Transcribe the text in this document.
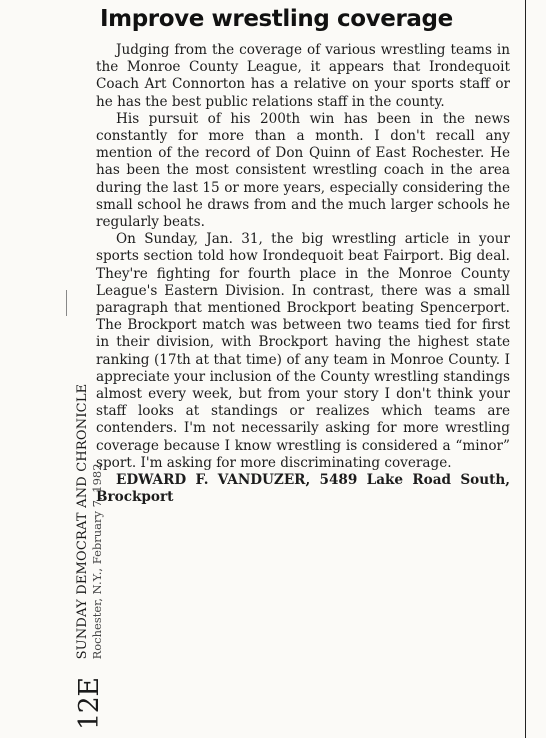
12E
SUNDAY DEMOCRAT AND CHRONICLE Rochester, N.Y., February 7, 1982
Improve wrestling coverage

Judging from the coverage of various wrestling teams in the Monroe County League, it appears that Irondequoit Coach Art Connorton has a relative on your sports staff or he has the best public relations staff in the county.

His pursuit of his 200th win has been in the news constantly for more than a month. I don't recall any mention of the record of Don Quinn of East Rochester. He has been the most consistent wrestling coach in the area during the last 15 or more years, especially considering the small school he draws from and the much larger schools he regularly beats.

On Sunday, Jan. 31, the big wrestling article in your sports section told how Irondequoit beat Fairport. Big deal. They're fighting for fourth place in the Monroe County League's Eastern Division. In contrast, there was a small paragraph that mentioned Brockport beating Spencerport. The Brockport match was between two teams tied for first in their division, with Brockport having the highest state ranking (17th at that time) of any team in Monroe County. I appreciate your inclusion of the County wrestling standings almost every week, but from your story I don't think your staff looks at standings or realizes which teams are contenders. I'm not necessarily asking for more wrestling coverage because I know wrestling is considered a “minor” sport. I'm asking for more discriminating coverage.

EDWARD F. VANDUZER, 5489 Lake Road South, Brockport
